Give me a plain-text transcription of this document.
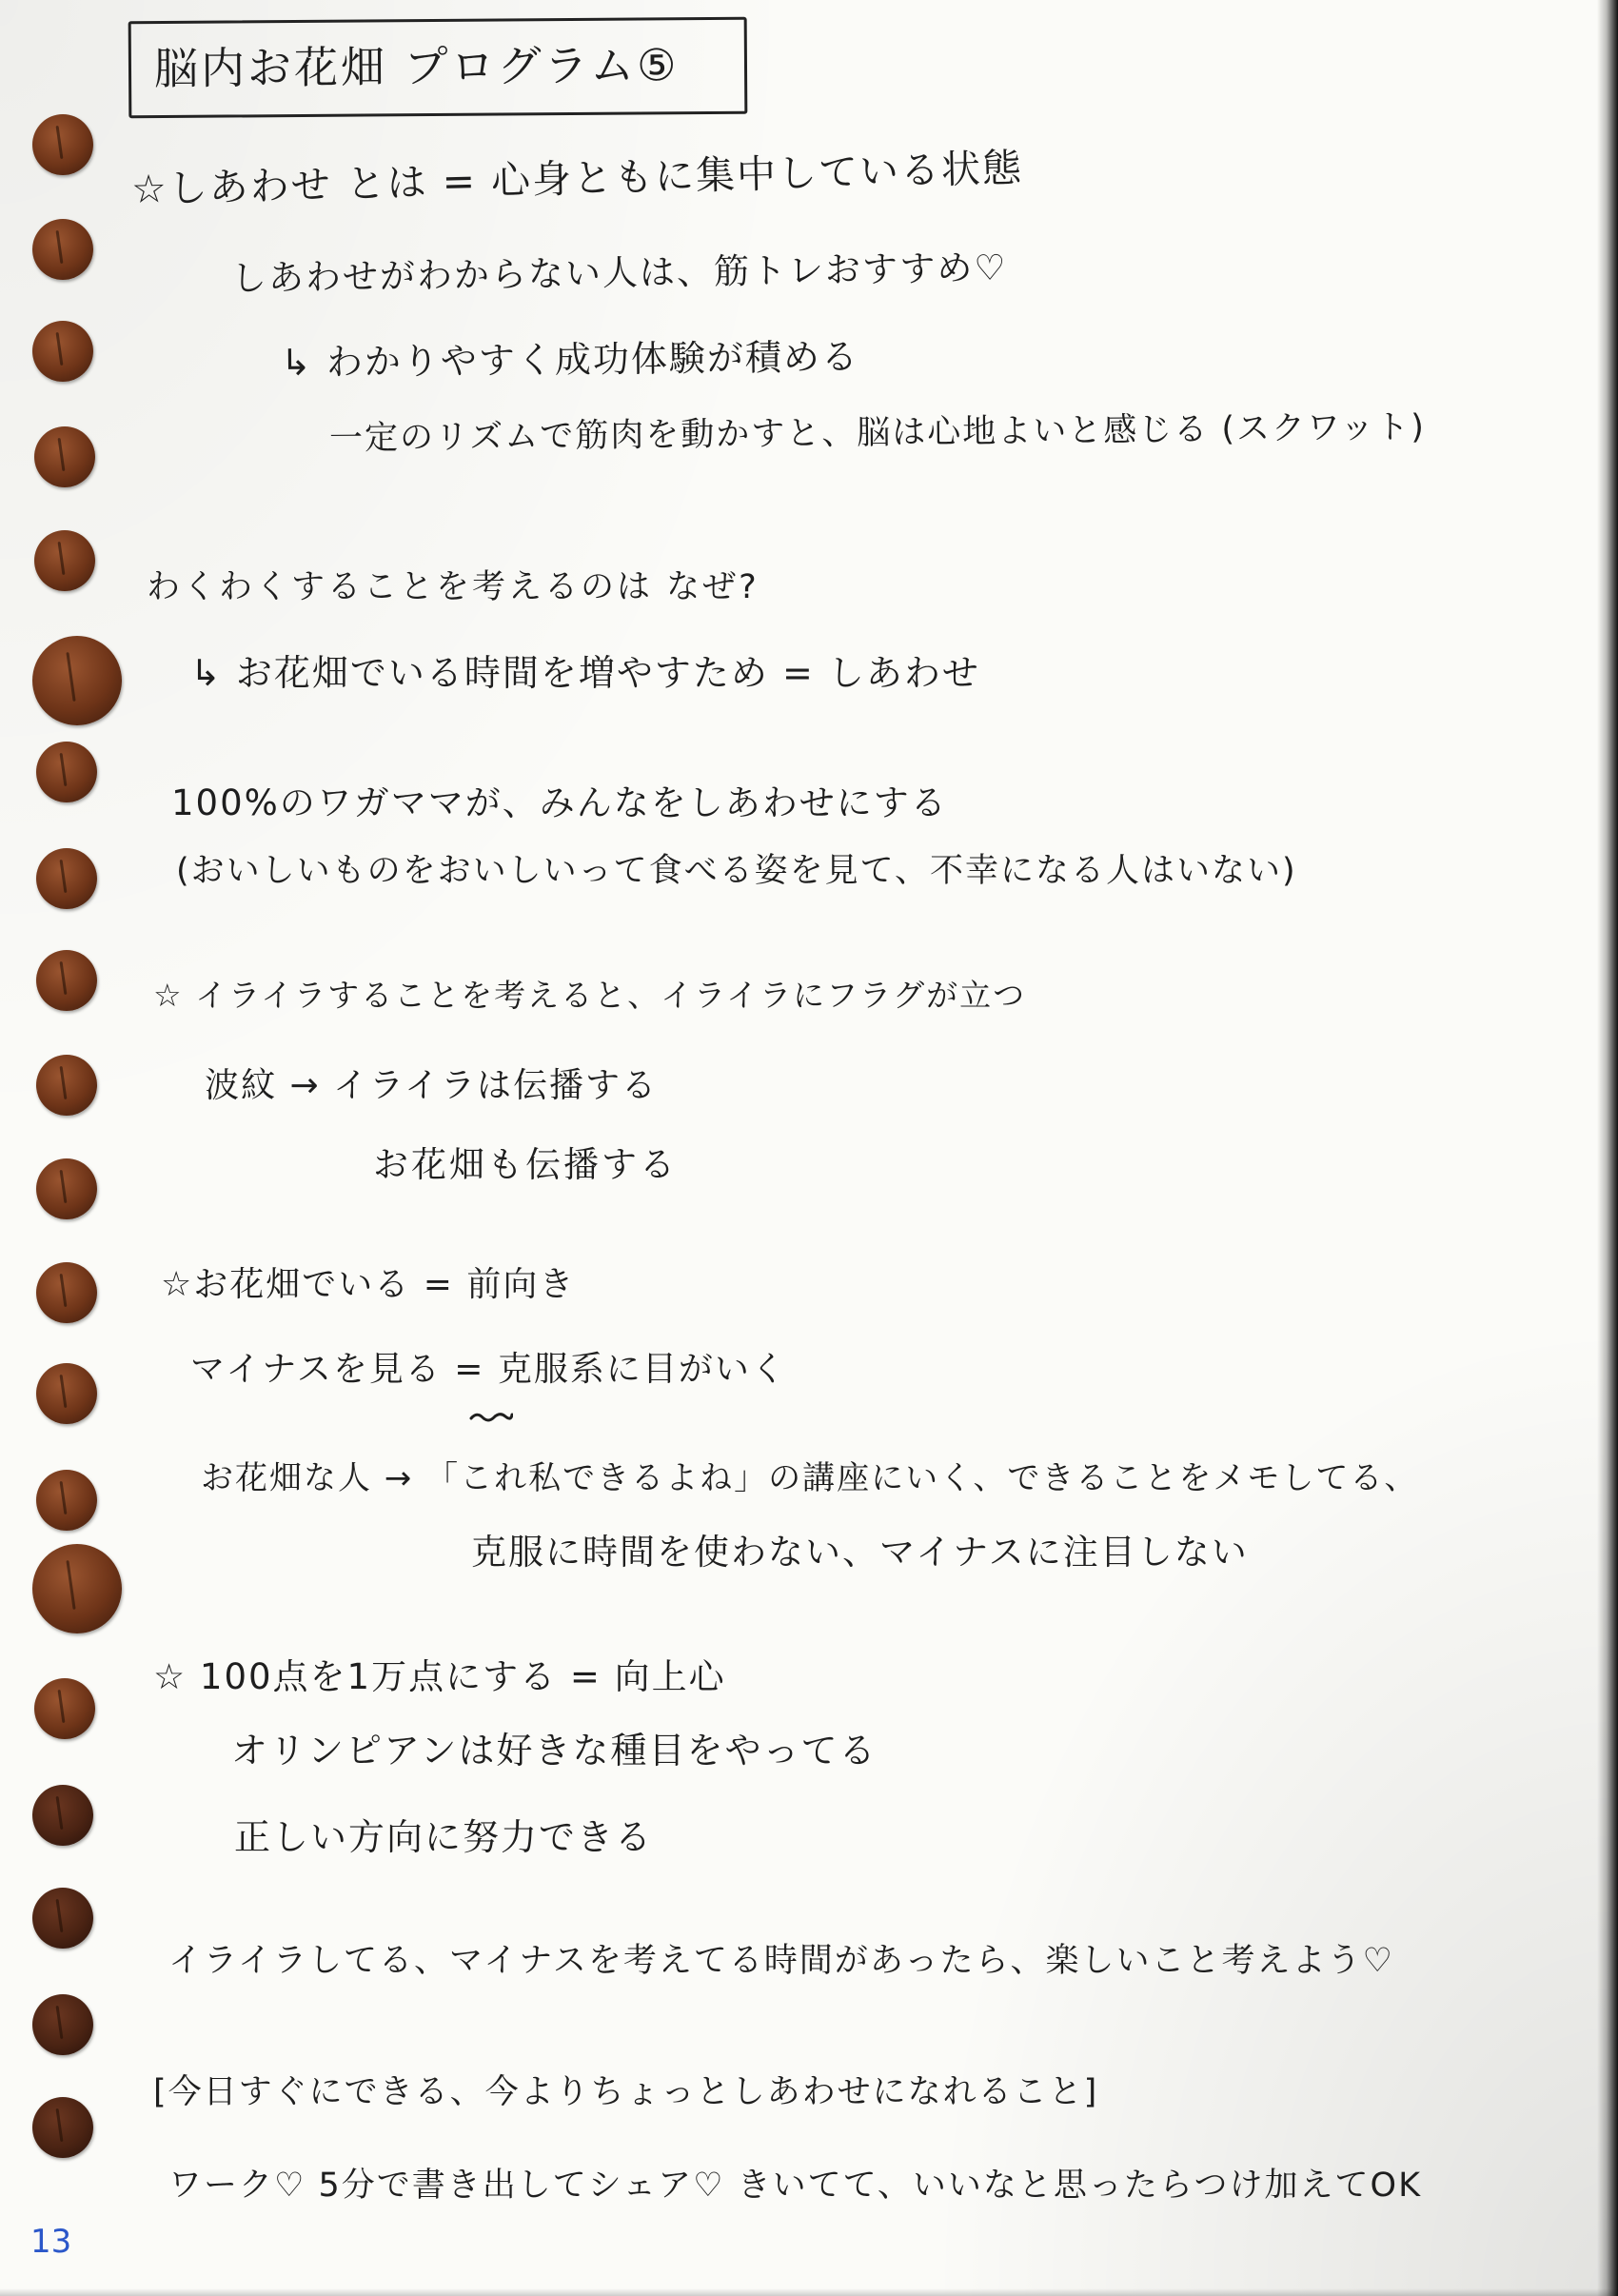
脳内お花畑 プログラム⑤
☆しあわせ とは = 心身ともに集中している状態
しあわせがわからない人は、筋トレおすすめ♡
↳ わかりやすく成功体験が積める
一定のリズムで筋肉を動かすと、脳は心地よいと感じる (スクワット)
わくわくすることを考えるのは なぜ?
↳ お花畑でいる時間を増やすため = しあわせ
100%のワガママが、みんなをしあわせにする
(おいしいものをおいしいって食べる姿を見て、不幸になる人はいない)
☆ イライラすることを考えると、イライラにフラグが立つ
波紋 → イライラは伝播する
お花畑も伝播する
☆お花畑でいる = 前向き
マイナスを見る = 克服系に目がいく
お花畑な人 → 「これ私できるよね」の講座にいく、できることをメモしてる、
克服に時間を使わない、マイナスに注目しない
☆ 100点を1万点にする = 向上心
オリンピアンは好きな種目をやってる
正しい方向に努力できる
イライラしてる、マイナスを考えてる時間があったら、楽しいこと考えよう♡
[今日すぐにできる、今よりちょっとしあわせになれること]
ワーク♡ 5分で書き出してシェア♡ きいてて、いいなと思ったらつけ加えてOK
13
